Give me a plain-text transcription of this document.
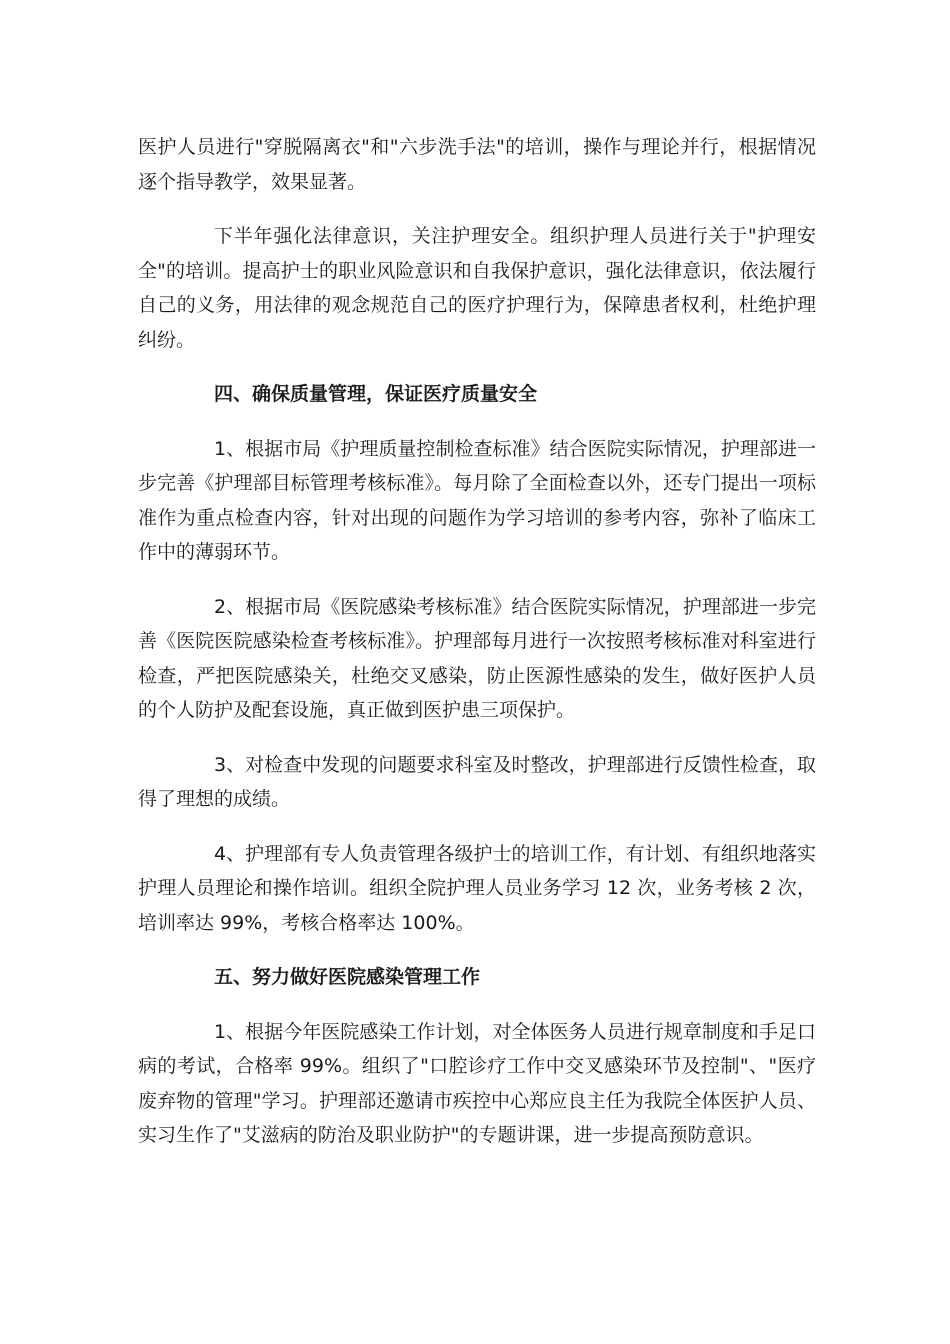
医护人员进行"穿脱隔离衣"和"六步洗手法"的培训，操作与理论并行，根据情况逐个指导教学，效果显著。

下半年强化法律意识，关注护理安全。组织护理人员进行关于"护理安全"的培训。提高护士的职业风险意识和自我保护意识，强化法律意识，依法履行自己的义务，用法律的观念规范自己的医疗护理行为，保障患者权利，杜绝护理纠纷。

四、确保质量管理，保证医疗质量安全

1、根据市局《护理质量控制检查标准》结合医院实际情况，护理部进一步完善《护理部目标管理考核标准》。每月除了全面检查以外，还专门提出一项标准作为重点检查内容，针对出现的问题作为学习培训的参考内容，弥补了临床工作中的薄弱环节。

2、根据市局《医院感染考核标准》结合医院实际情况，护理部进一步完善《医院医院感染检查考核标准》。护理部每月进行一次按照考核标准对科室进行检查，严把医院感染关，杜绝交叉感染，防止医源性感染的发生，做好医护人员的个人防护及配套设施，真正做到医护患三项保护。

3、对检查中发现的问题要求科室及时整改，护理部进行反馈性检查，取得了理想的成绩。

4、护理部有专人负责管理各级护士的培训工作，有计划、有组织地落实护理人员理论和操作培训。组织全院护理人员业务学习 12 次，业务考核 2 次，培训率达 99%，考核合格率达 100%。

五、努力做好医院感染管理工作

1、根据今年医院感染工作计划，对全体医务人员进行规章制度和手足口病的考试，合格率 99%。组织了"口腔诊疗工作中交叉感染环节及控制"、"医疗废弃物的管理"学习。护理部还邀请市疾控中心郑应良主任为我院全体医护人员、实习生作了"艾滋病的防治及职业防护"的专题讲课，进一步提高预防意识。
